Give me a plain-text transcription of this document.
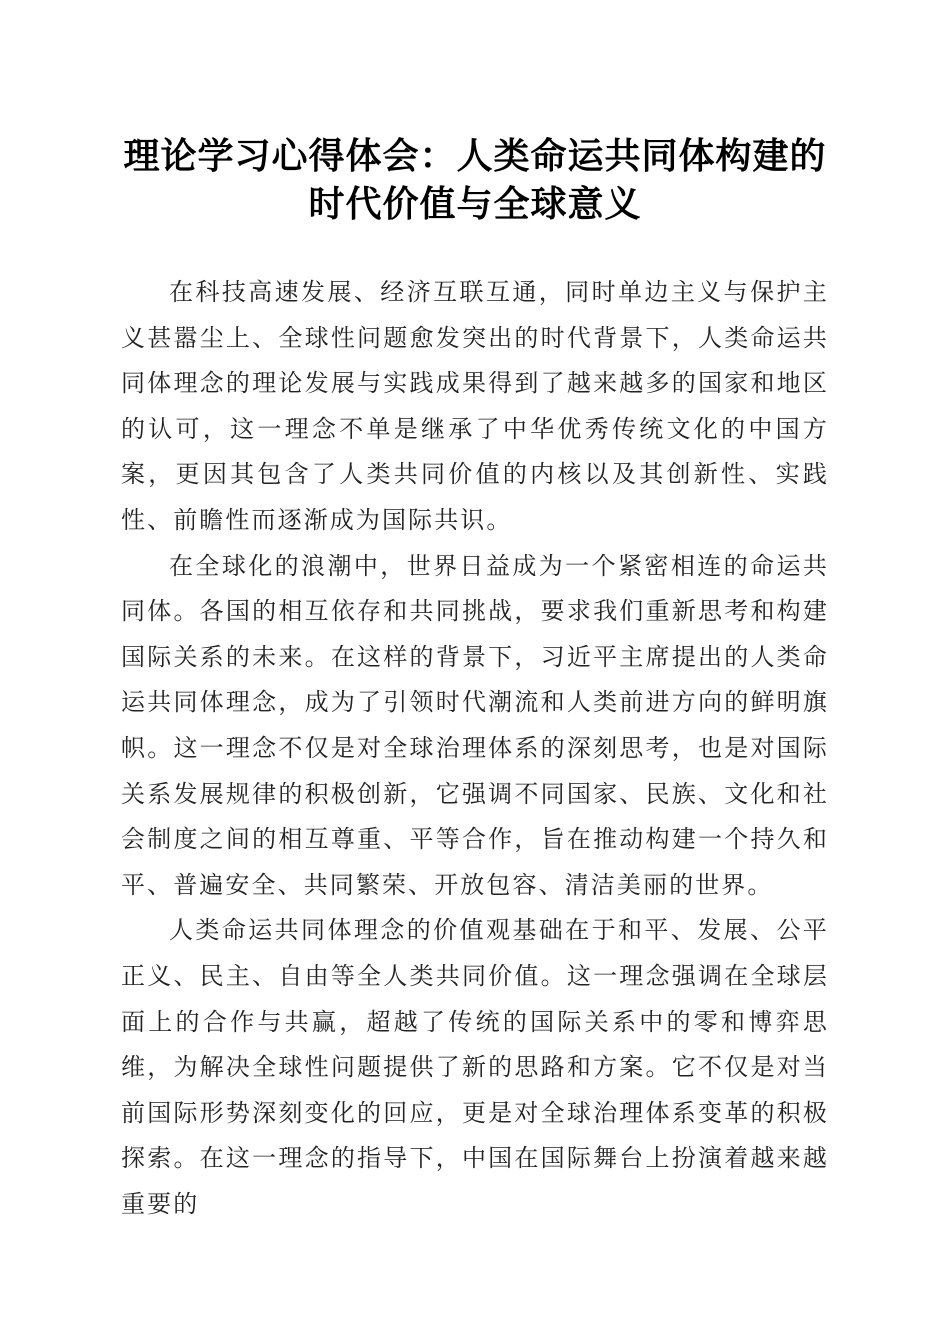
理论学习心得体会：人类命运共同体构建的时代价值与全球意义

在科技高速发展、经济互联互通，同时单边主义与保护主义甚嚣尘上、全球性问题愈发突出的时代背景下，人类命运共同体理念的理论发展与实践成果得到了越来越多的国家和地区的认可，这一理念不单是继承了中华优秀传统文化的中国方案，更因其包含了人类共同价值的内核以及其创新性、实践性、前瞻性而逐渐成为国际共识。

在全球化的浪潮中，世界日益成为一个紧密相连的命运共同体。各国的相互依存和共同挑战，要求我们重新思考和构建国际关系的未来。在这样的背景下，习近平主席提出的人类命运共同体理念，成为了引领时代潮流和人类前进方向的鲜明旗帜。这一理念不仅是对全球治理体系的深刻思考，也是对国际关系发展规律的积极创新，它强调不同国家、民族、文化和社会制度之间的相互尊重、平等合作，旨在推动构建一个持久和平、普遍安全、共同繁荣、开放包容、清洁美丽的世界。

人类命运共同体理念的价值观基础在于和平、发展、公平正义、民主、自由等全人类共同价值。这一理念强调在全球层面上的合作与共赢，超越了传统的国际关系中的零和博弈思维，为解决全球性问题提供了新的思路和方案。它不仅是对当前国际形势深刻变化的回应，更是对全球治理体系变革的积极探索。在这一理念的指导下，中国在国际舞台上扮演着越来越重要的
